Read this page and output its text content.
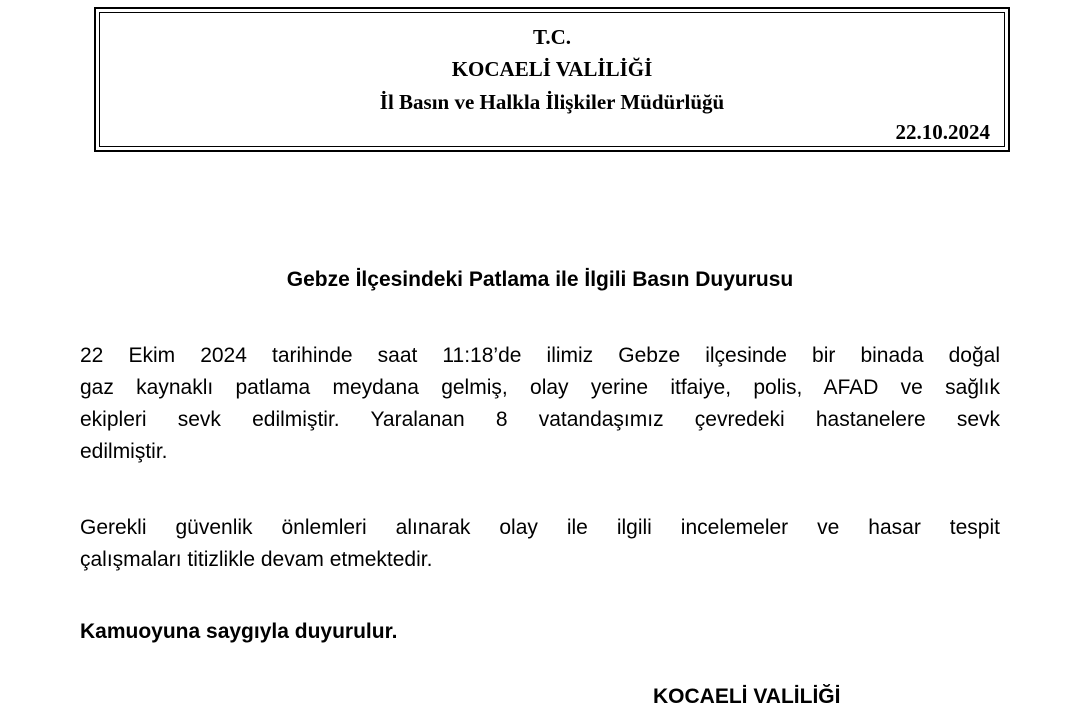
T.C.
KOCAELİ VALİLİĞİ
İl Basın ve Halkla İlişkiler Müdürlüğü
22.10.2024
Gebze İlçesindeki Patlama ile İlgili Basın Duyurusu
22 Ekim 2024 tarihinde saat 11:18’de ilimiz Gebze ilçesinde bir binada doğal
gaz kaynaklı patlama meydana gelmiş, olay yerine itfaiye, polis, AFAD ve sağlık
ekipleri sevk edilmiştir. Yaralanan 8 vatandaşımız çevredeki hastanelere sevk
edilmiştir.
Gerekli güvenlik önlemleri alınarak olay ile ilgili incelemeler ve hasar tespit
çalışmaları titizlikle devam etmektedir.
Kamuoyuna saygıyla duyurulur.
KOCAELİ VALİLİĞİ
